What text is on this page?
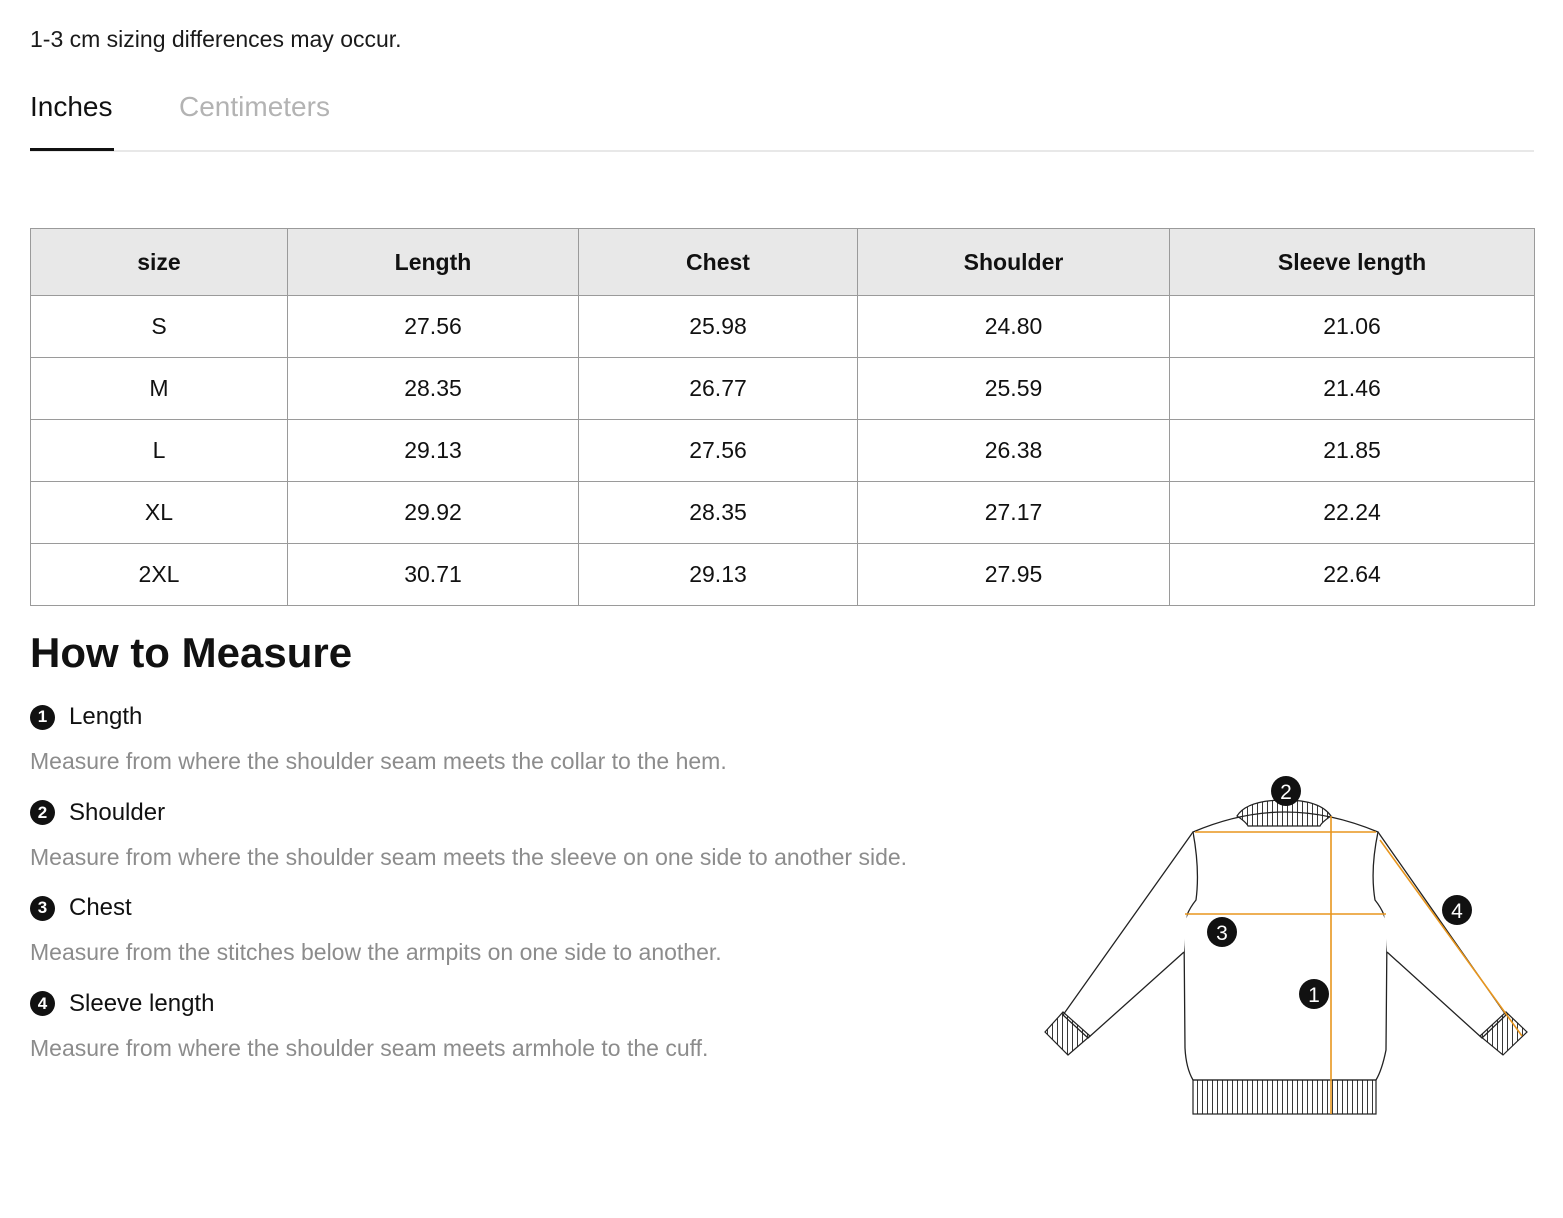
1-3 cm sizing differences may occur.
Inches Centimeters
size	Length	Chest	Shoulder	Sleeve length
S	27.56	25.98	24.80	21.06
M	28.35	26.77	25.59	21.46
L	29.13	27.56	26.38	21.85
XL	29.92	28.35	27.17	22.24
2XL	30.71	29.13	27.95	22.64
How to Measure
1 Length
Measure from where the shoulder seam meets the collar to the hem.
2 Shoulder
Measure from where the shoulder seam meets the sleeve on one side to another side.
3 Chest
Measure from the stitches below the armpits on one side to another.
4 Sleeve length
Measure from where the shoulder seam meets armhole to the cuff.
2
3
1
4
